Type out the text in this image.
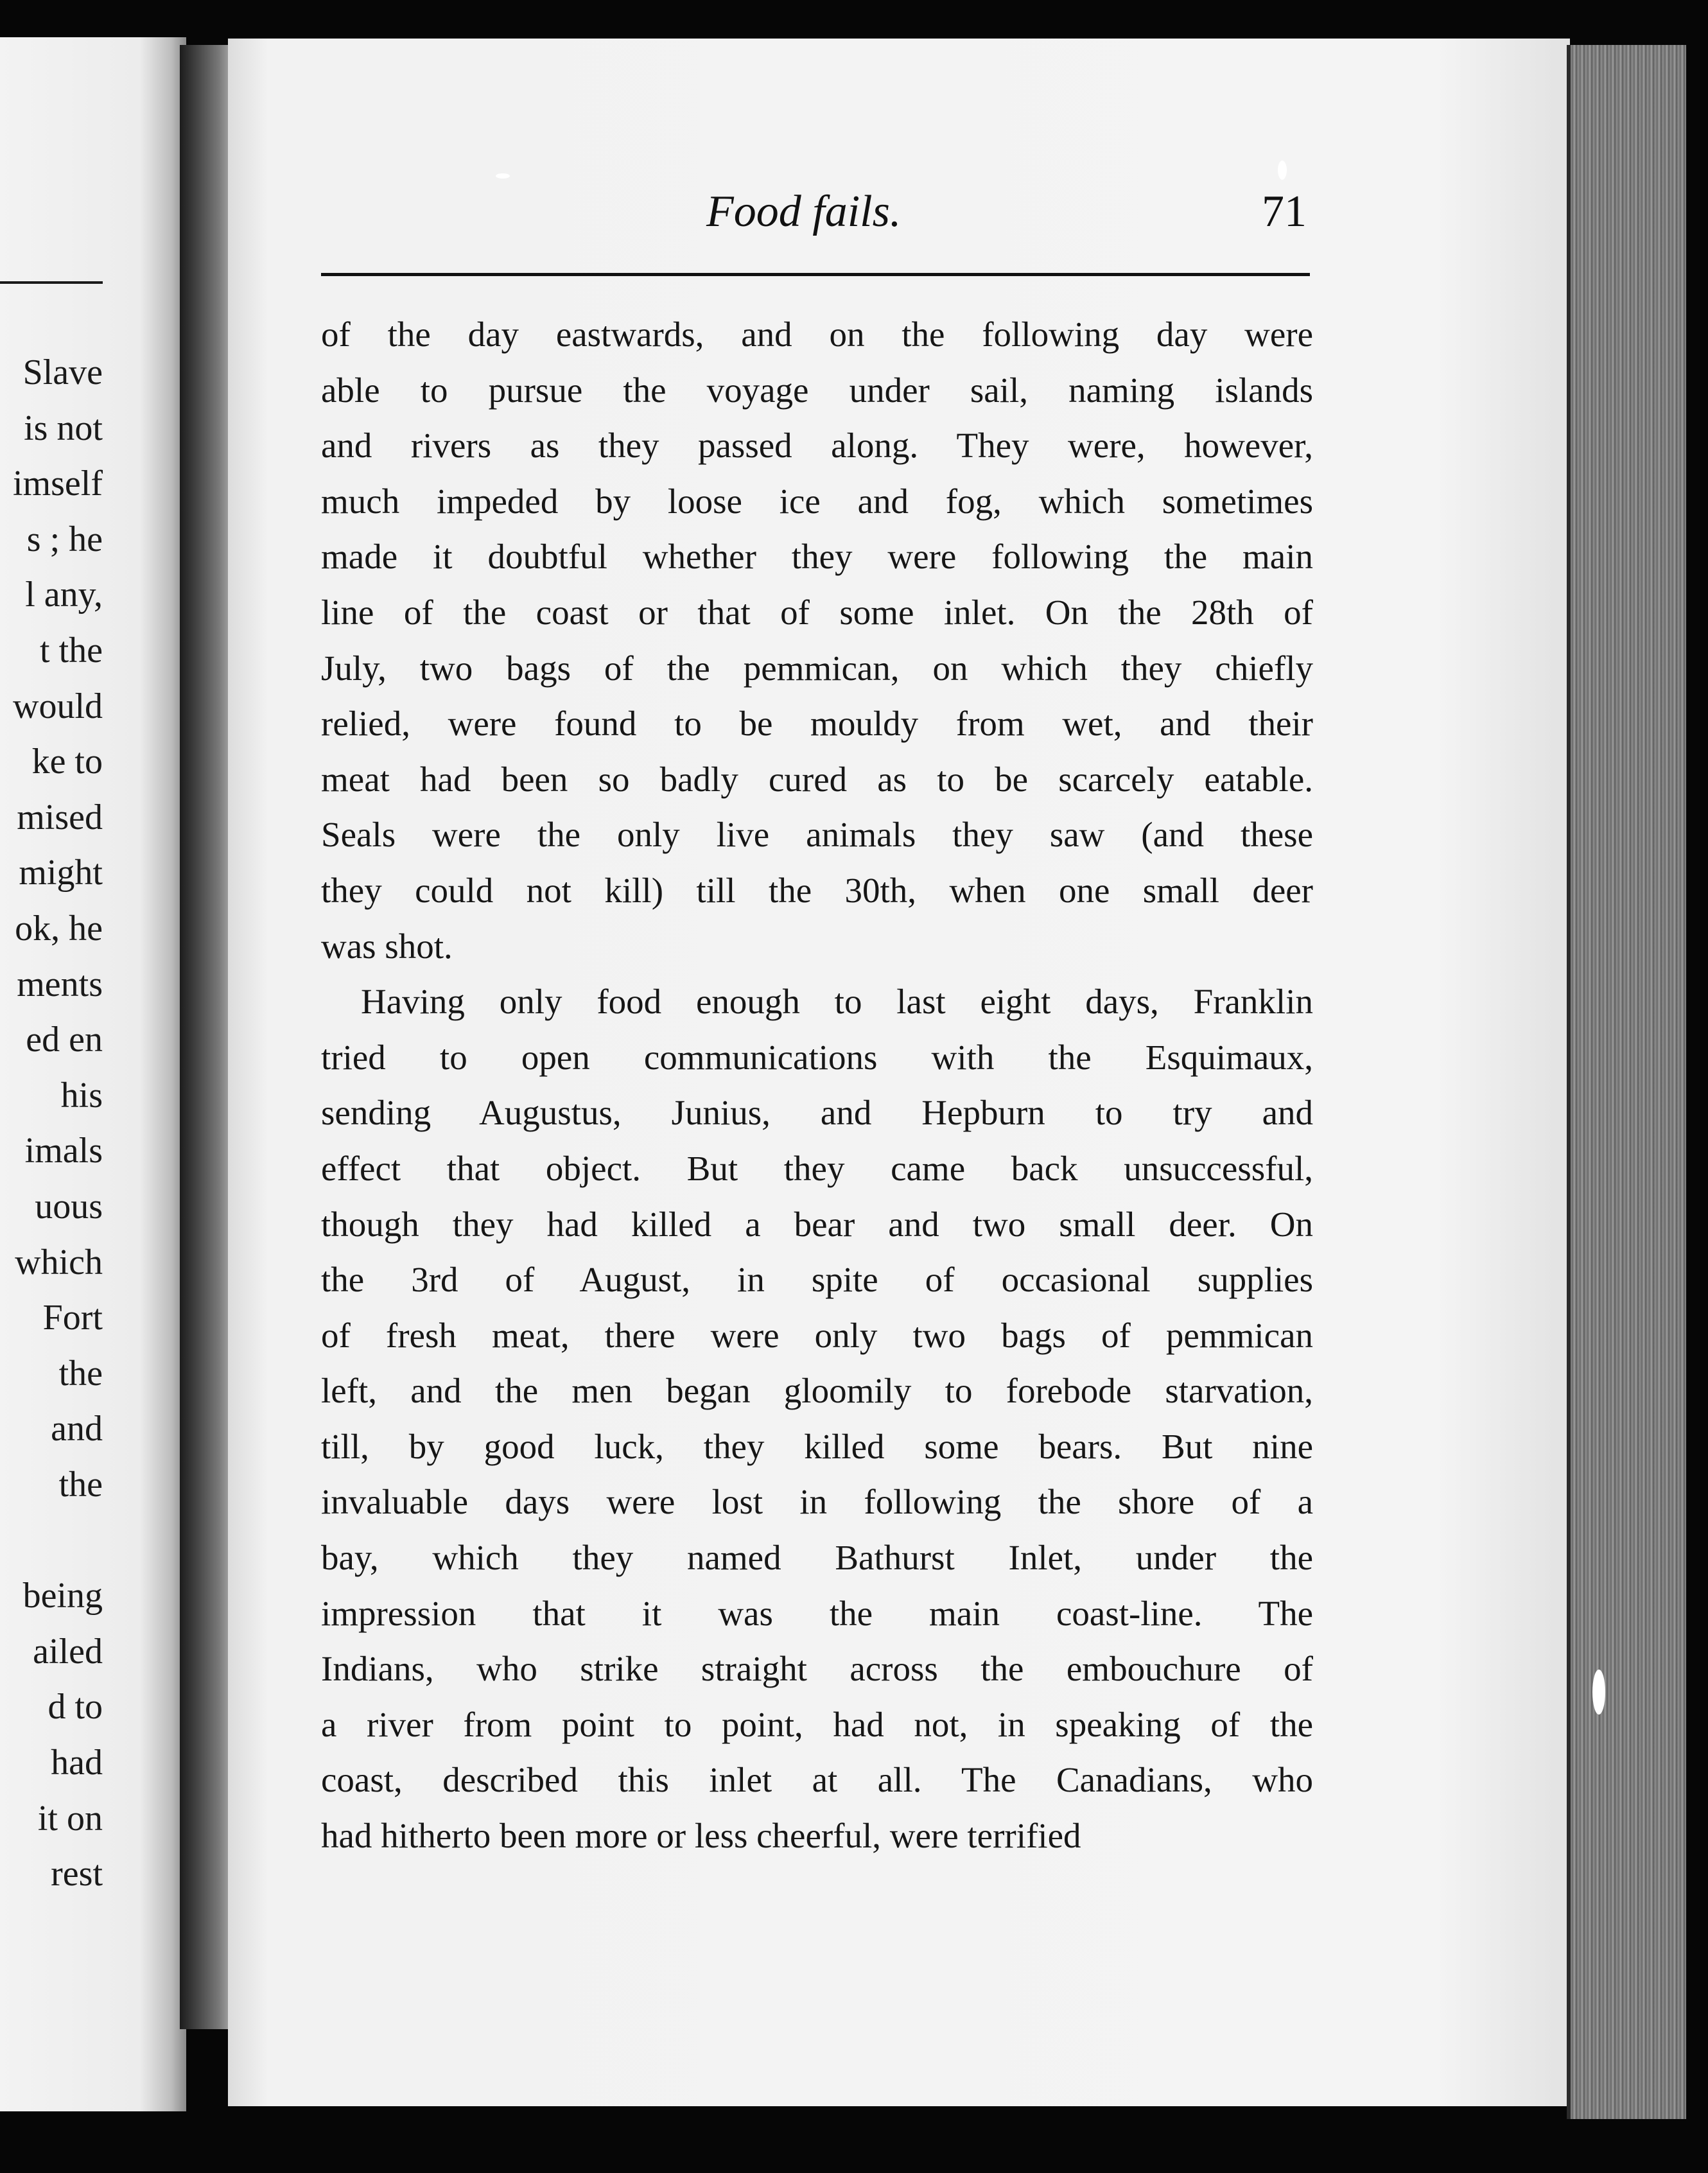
Slave
is not
imself
s ; he
l any,
t the
would
ke to
mised
might
ok, he
ments
ed en
his
imals
uous
which
Fort
the
and
the
being
ailed
d to
had
it on
rest
Food fails.	71
of the day eastwards, and on the following day were
able to pursue the voyage under sail, naming islands
and rivers as they passed along. They were, however,
much impeded by loose ice and fog, which sometimes
made it doubtful whether they were following the main
line of the coast or that of some inlet. On the 28th of
July, two bags of the pemmican, on which they chiefly
relied, were found to be mouldy from wet, and their
meat had been so badly cured as to be scarcely eatable.
Seals were the only live animals they saw (and these
they could not kill) till the 30th, when one small deer
was shot.
Having only food enough to last eight days, Franklin
tried to open communications with the Esquimaux,
sending Augustus, Junius, and Hepburn to try and
effect that object. But they came back unsuccessful,
though they had killed a bear and two small deer. On
the 3rd of August, in spite of occasional supplies
of fresh meat, there were only two bags of pemmican
left, and the men began gloomily to forebode starvation,
till, by good luck, they killed some bears. But nine
invaluable days were lost in following the shore of a
bay, which they named Bathurst Inlet, under the
impression that it was the main coast-line. The
Indians, who strike straight across the embouchure of
a river from point to point, had not, in speaking of the
coast, described this inlet at all. The Canadians, who
had hitherto been more or less cheerful, were terrified
